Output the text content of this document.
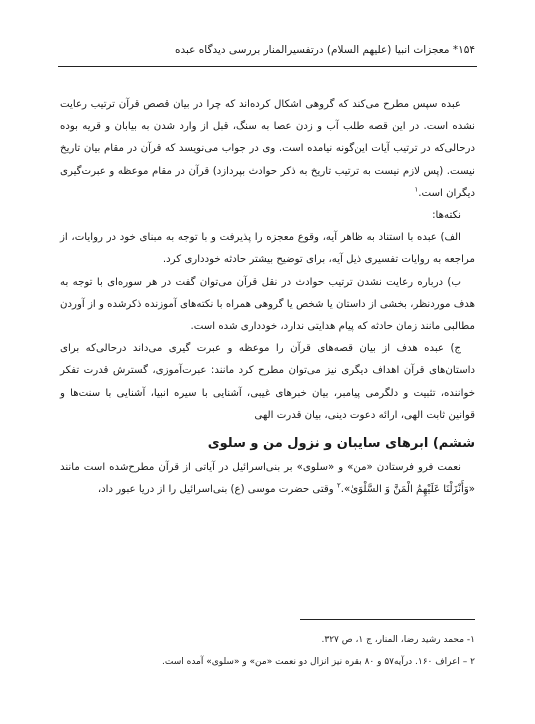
۱۵۴* معجزات انبیا (علیهم السلام) درتفسیرالمنار بررسی دیدگاه عبده

عبده سپس مطرح می‌کند که گروهی اشکال کرده‌اند که چرا در بیان قصص قرآن ترتیب رعایت نشده است. در این قصه طلب آب و زدن عصا به سنگ، قبل از وارد شدن به بیابان و قریه بوده درحالی‌که در ترتیب آیات این‌گونه نیامده است. وی در جواب می‌نویسد که قرآن در مقام بیان تاریخ نیست. (پس لازم نیست به ترتیب تاریخ به ذکر حوادث بپردازد) قرآن در مقام موعظه و عبرت‌گیری دیگران است.$^۱$

نکته‌ها:

الف) عبده با استناد به ظاهر آیه، وقوع معجزه را پذیرفت و با توجه به مبنای خود در روایات، از مراجعه به روایات تفسیری ذیل آیه، برای توضیح بیشتر حادثه خودداری کرد.

ب) درباره رعایت نشدن ترتیب حوادث در نقل قرآن می‌توان گفت در هر سوره‌ای با توجه به هدف موردنظر، بخشی از داستان یا شخص یا گروهی همراه با نکته‌های آموزنده ذکرشده و از آوردن مطالبی مانند زمان حادثه که پیام هدایتی ندارد، خودداری شده است.

ج) عبده هدف از بیان قصه‌های قرآن را موعظه و عبرت گیری می‌داند درحالی‌که برای داستان‌های قرآن اهداف دیگری نیز می‌توان مطرح کرد مانند: عبرت‌آموزی، گسترش قدرت تفکر خواننده، تثبیت و دلگرمی پیامبر، بیان خبرهای غیبی، آشنایی با سیره انبیا، آشنایی با سنت‌ها و قوانین ثابت الهی، ارائه دعوت دینی، بیان قدرت الهی

ششم) ابرهای سایبان و نزول من و سلوی

نعمت فرو فرستادن «من» و «سلوی» بر بنی‌اسرائیل در آیاتی از قرآن مطرح‌شده است مانند «وَأَنْزَلْنَا عَلَيْهِمُ الْمَنَّ وَ السَّلْوَىٰ».$^۲$ وقتی حضرت موسی (ع) بنی‌اسرائیل را از دریا عبور داد،

۱- محمد رشید رضا، المنار، ج ۱، ص ۳۲۷.
۲ – اعراف ۱۶۰. درآیه۵۷ و ۸۰ بقره نیز انزال دو نعمت «من» و «سلوی» آمده است.
